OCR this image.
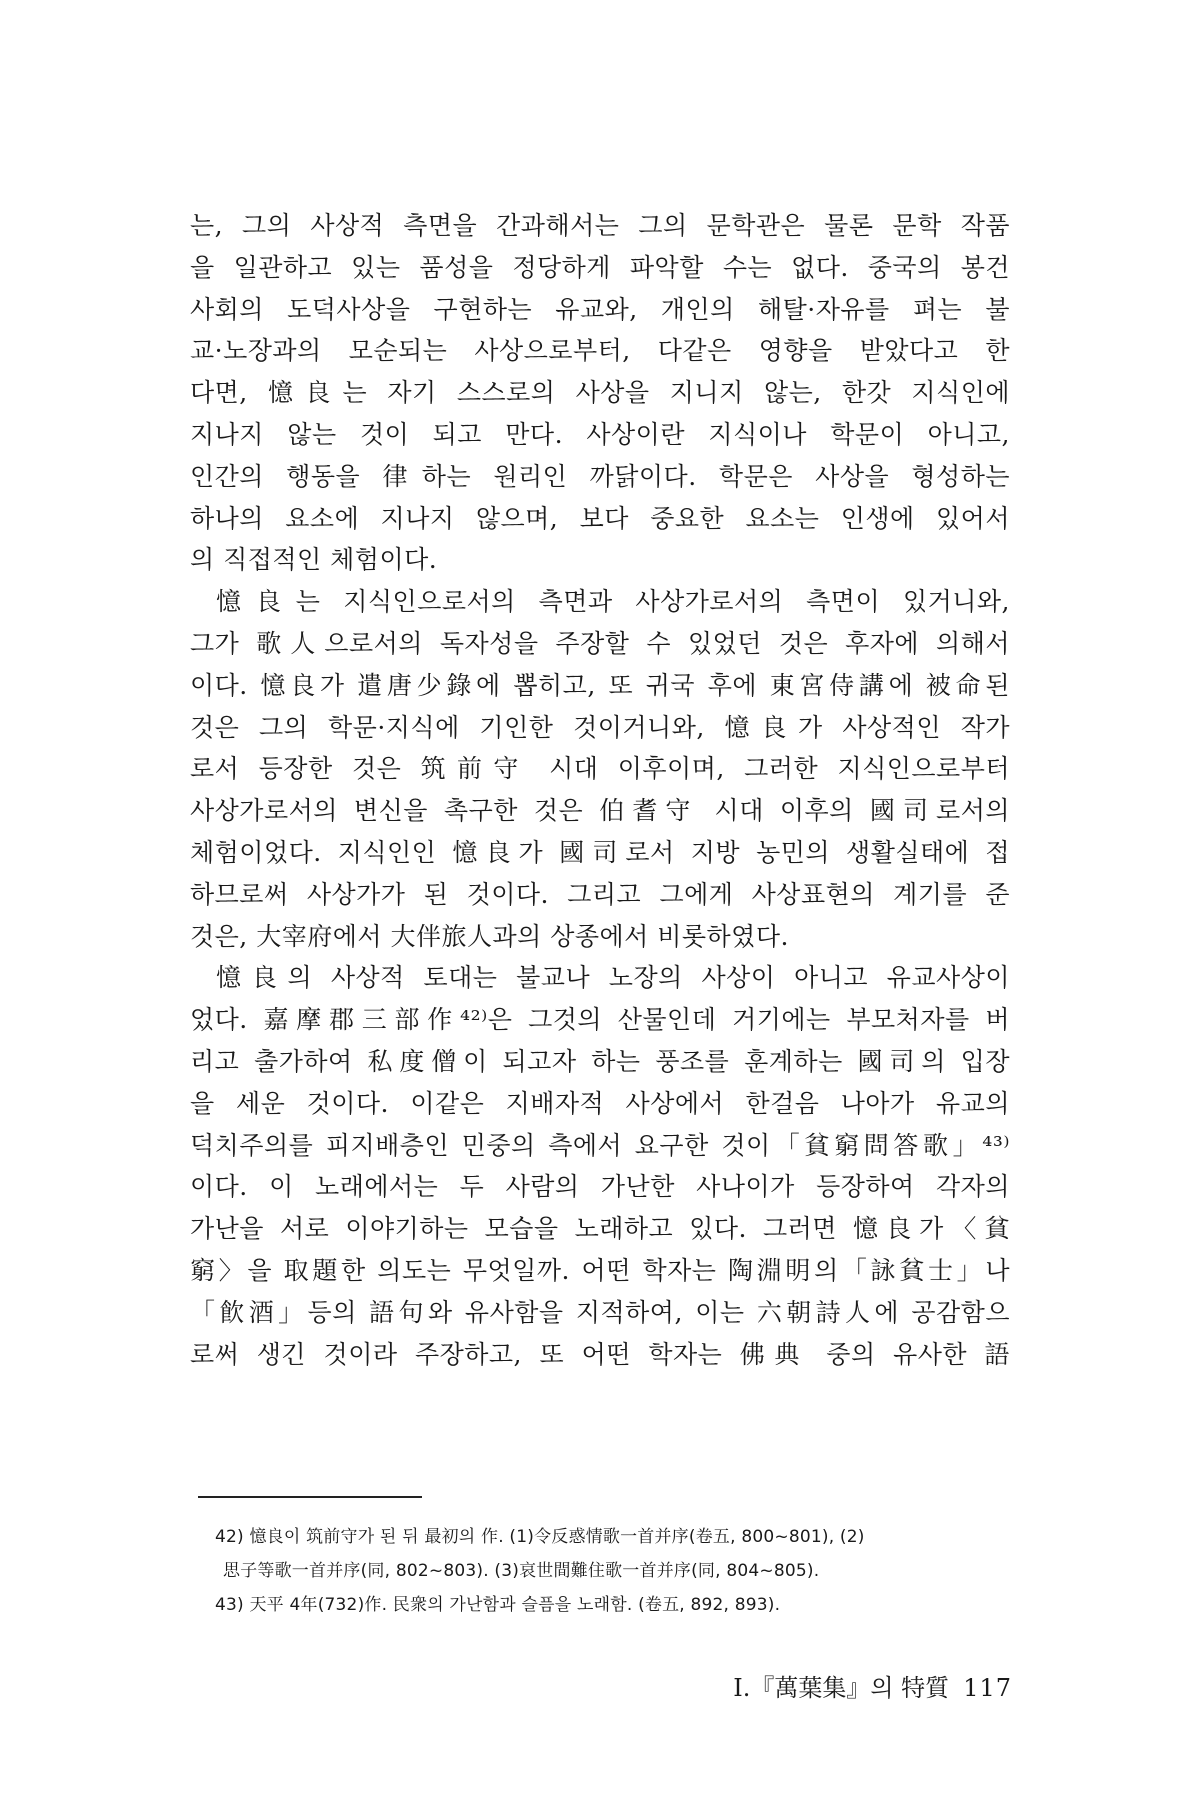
는, 그의 사상적 측면을 간과해서는 그의 문학관은 물론 문학 작품
을 일관하고 있는 품성을 정당하게 파악할 수는 없다. 중국의 봉건
사회의 도덕사상을 구현하는 유교와, 개인의 해탈·자유를 펴는 불
교·노장과의 모순되는 사상으로부터, 다같은 영향을 받았다고 한
다면, 憶良는 자기 스스로의 사상을 지니지 않는, 한갓 지식인에
지나지 않는 것이 되고 만다. 사상이란 지식이나 학문이 아니고,
인간의 행동을 律하는 원리인 까닭이다. 학문은 사상을 형성하는
하나의 요소에 지나지 않으며, 보다 중요한 요소는 인생에 있어서
의 직접적인 체험이다.
憶良는 지식인으로서의 측면과 사상가로서의 측면이 있거니와,
그가 歌人으로서의 독자성을 주장할 수 있었던 것은 후자에 의해서
이다. 憶良가 遣唐少錄에 뽑히고, 또 귀국 후에 東宮侍講에 被命된
것은 그의 학문·지식에 기인한 것이거니와, 憶良가 사상적인 작가
로서 등장한 것은 筑前守 시대 이후이며, 그러한 지식인으로부터
사상가로서의 변신을 촉구한 것은 伯耆守 시대 이후의 國司로서의
체험이었다. 지식인인 憶良가 國司로서 지방 농민의 생활실태에 접
하므로써 사상가가 된 것이다. 그리고 그에게 사상표현의 계기를 준
것은, 大宰府에서 大伴旅人과의 상종에서 비롯하였다.
憶良의 사상적 토대는 불교나 노장의 사상이 아니고 유교사상이
었다. 嘉摩郡三部作⁴²⁾은 그것의 산물인데 거기에는 부모처자를 버
리고 출가하여 私度僧이 되고자 하는 풍조를 훈계하는 國司의 입장
을 세운 것이다. 이같은 지배자적 사상에서 한걸음 나아가 유교의
덕치주의를 피지배층인 민중의 측에서 요구한 것이「貧窮問答歌」⁴³⁾
이다. 이 노래에서는 두 사람의 가난한 사나이가 등장하여 각자의
가난을 서로 이야기하는 모습을 노래하고 있다. 그러면 憶良가〈貧
窮〉을 取題한 의도는 무엇일까. 어떤 학자는 陶淵明의「詠貧士」나
「飮酒」등의 語句와 유사함을 지적하여, 이는 六朝詩人에 공감함으
로써 생긴 것이라 주장하고, 또 어떤 학자는 佛典 중의 유사한 語
42) 憶良이 筑前守가 된 뒤 最初의 作. (1)令反惑情歌一首并序(卷五, 800~801), (2)
思子等歌一首并序(同, 802~803). (3)哀世間難住歌一首并序(同, 804~805).
43) 天平 4年(732)作. 民衆의 가난함과 슬픔을 노래함. (卷五, 892, 893).
Ⅰ.『萬葉集』의 特質 117
